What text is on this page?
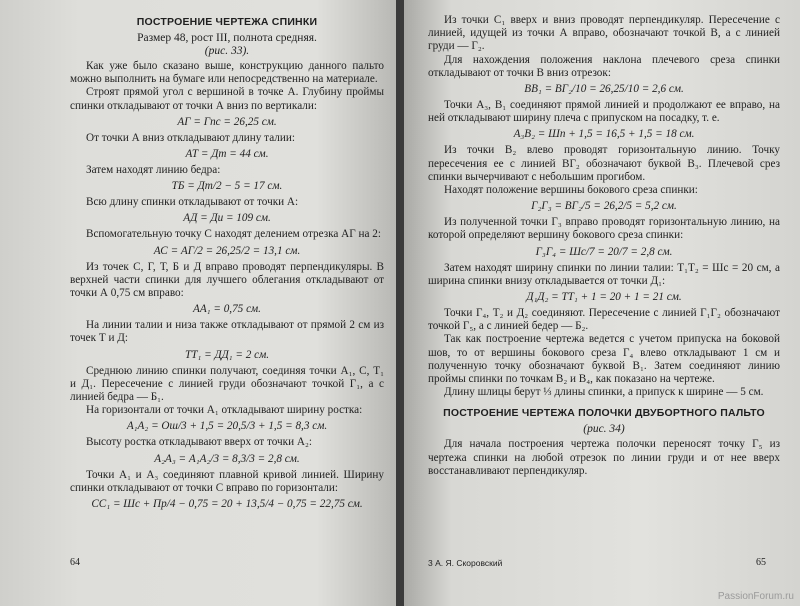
ПОСТРОЕНИЕ ЧЕРТЕЖА СПИНКИ
Размер 48, рост III, полнота средняя.
(рис. 33).

Как уже было сказано выше, конструкцию данного пальто можно выполнить на бумаге или непосредственно на материале.

Строят прямой угол с вершиной в точке А. Глубину проймы спинки откладывают от точки А вниз по вертикали:

АГ = Гпс = 26,25 см.

От точки А вниз откладывают длину талии:

АТ = Дт = 44 см.

Затем находят линию бедра:

ТБ = Дт/2 − 5 = 17 см.

Всю длину спинки откладывают от точки А:

АД = Ди = 109 см.

Вспомогательную точку С находят делением отрезка АГ на 2:

АС = АГ/2 = 26,25/2 = 13,1 см.

Из точек С, Г, Т, Б и Д вправо проводят перпендикуляры. В верхней части спинки для лучшего облегания откладывают от точки А 0,75 см вправо:

АА₁ = 0,75 см.

На линии талии и низа также откладывают от прямой 2 см из точек Т и Д:

ТТ₁ = ДД₁ = 2 см.

Среднюю линию спинки получают, соединяя точки А₁, С, Т₁ и Д₁. Пересечение с линией груди обозначают точкой Г₁, а с линией бедра — Б₁.

На горизонтали от точки А₁ откладывают ширину ростка:

А₁А₂ = Ош/3 + 1,5 = 20,5/3 + 1,5 = 8,3 см.

Высоту ростка откладывают вверх от точки А₂:

А₂А₃ = А₁А₂/3 = 8,3/3 = 2,8 см.

Точки А₁ и А₃ соединяют плавной кривой линией. Ширину спинки откладывают от точки С вправо по горизонтали:

СС₁ = Шс + Пр/4 − 0,75 = 20 + 13,5/4 − 0,75 = 22,75 см.
64

Из точки С₁ вверх и вниз проводят перпендикуляр. Пересечение с линией, идущей из точки А вправо, обозначают точкой В, а с линией груди — Г₂.

Для нахождения положения наклона плечевого среза спинки откладывают от точки В вниз отрезок:

ВВ₁ = ВГ₂/10 = 26,25/10 = 2,6 см.

Точки А₃, В₁ соединяют прямой линией и продолжают ее вправо, на ней откладывают ширину плеча с припуском на посадку, т. е.

А₃В₂ = Шп + 1,5 = 16,5 + 1,5 = 18 см.

Из точки В₂ влево проводят горизонтальную линию. Точку пересечения ее с линией ВГ₂ обозначают буквой В₃. Плечевой срез спинки вычерчивают с небольшим прогибом.

Находят положение вершины бокового среза спинки:

Г₂Г₃ = ВГ₂/5 = 26,2/5 = 5,2 см.

Из полученной точки Г₃ вправо проводят горизонтальную линию, на которой определяют вершину бокового среза спинки:

Г₃Г₄ = Шс/7 = 20/7 = 2,8 см.

Затем находят ширину спинки по линии талии: Т₁Т₂ = Шс = 20 см, а ширина спинки внизу откладывается от точки Д₁:

Д₁Д₂ = ТТ₁ + 1 = 20 + 1 = 21 см.

Точки Г₄, Т₂ и Д₂ соединяют. Пересечение с линией Г₁Г₂ обозначают точкой Г₅, а с линией бедер — Б₂.

Так как построение чертежа ведется с учетом припуска на боковой шов, то от вершины бокового среза Г₄ влево откладывают 1 см и полученную точку обозначают буквой В₁. Затем соединяют линию проймы спинки по точкам В₂ и В₄, как показано на чертеже.

Длину шлицы берут ⅓ длины спинки, а припуск к ширине — 5 см.

ПОСТРОЕНИЕ ЧЕРТЕЖА ПОЛОЧКИ ДВУБОРТНОГО ПАЛЬТО
(рис. 34)

Для начала построения чертежа полочки переносят точку Г₅ из чертежа спинки на любой отрезок по линии груди и от нее вверх восстанавливают перпендикуляр.

3 А. Я. Скоровский	65
PassionForum.ru
